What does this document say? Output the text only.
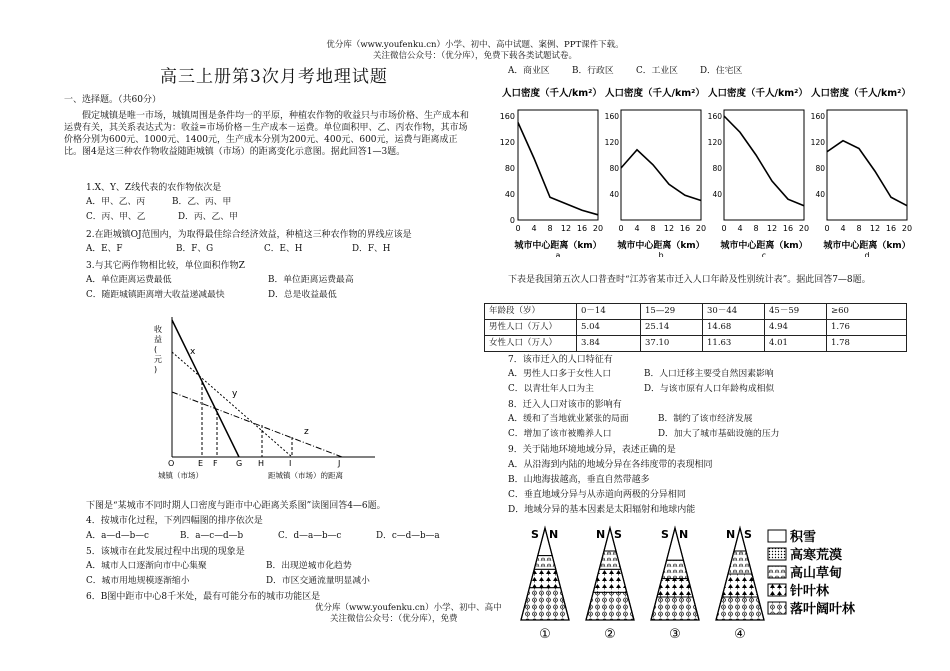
优分库（www.youfenku.cn）小学、初中、高中试题、案例、PPT课件下载。
关注微信公众号：（优分库），免费下载各类试题试卷。
高三上册第3次月考地理试题
一、选择题。（共60分）
假定城镇是唯一市场，城镇周围是条件均一的平原，种植农作物的收益只与市场价格、生产成本和运费有关，其关系表达式为：收益=市场价格－生产成本－运费。单位面积甲、乙、丙农作物，其市场价格分别为600元、1000元、1400元，生产成本分别为200元、400元、600元，运费与距离成正比。图4是这三种农作物收益随距城镇（市场）的距离变化示意图。据此回答1—3题。
1.X、Y、Z线代表的农作物依次是
A．甲、乙、丙	B．乙、丙、甲
C．丙、甲、乙	D．丙、乙、甲
2.在距城镇OJ范围内，为取得最佳综合经济效益，种植这三种农作物的界线应该是
A．E、F	B．F、G	C．E、H	D．F、H
3.与其它两作物相比较，单位面积作物Z
A．单位距离运费最低	B．单位距离运费最高
C．随距城镇距离增大收益递减最快	D．总是收益最低
收益(元)
x
y
z
O	E F G H	I	J
城镇（市场）	距城镇（市场）的距离
下图是“某城市不同时期人口密度与距市中心距离关系图”读图回答4—6题。
4．按城市化过程，下列四幅图的排序依次是
A．a—d—b—c	B．a—c—d—b	C．d—a—b—c	D．c—d—b—a
5．该城市在此发展过程中出现的现象是
A．城市人口逐渐向市中心集聚	B．出现逆城市化趋势
C．城市用地规模逐渐缩小	D．市区交通流量明显减小
6．B图中距市中心8千米处，最有可能分布的城市功能区是
优分库（www.youfenku.cn）小学、初中、高中
关注微信公众号：（优分库），免费
A．商业区	B．行政区	C．工业区	D．住宅区
人口密度（千人/km²）
0
40
80
120
160
0 4 8 12 16 20
城市中心距离（km）
a
人口密度（千人/km²）
40
80
120
160
0 4 8 12 16 20
城市中心距离（km）
b
人口密度（千人/km²）
40
80
120
160
0 4 8 12 16 20
城市中心距离（km）
c
人口密度（千人/km²）
40
80
120
160
0 4 8 12 16 20
城市中心距离（km）
d
下表是我国第五次人口普查时“江苏省某市迁入人口年龄及性别统计表”。据此回答7—8题。
年龄段（岁）	0－14	15—29	30－44	45－59	≥60
男性人口（万人）	5.04	25.14	14.68	4.94	1.76
女性人口（万人）	3.84	37.10	11.63	4.01	1.78
7．该市迁入的人口特征有
A．男性人口多于女性人口	B．人口迁移主要受自然因素影响
C．以青壮年人口为主	D．与该市原有人口年龄构成相似
8．迁入人口对该市的影响有
A．缓和了当地就业紧张的局面	B．制约了该市经济发展
C．增加了该市被赡养人口	D．加大了城市基础设施的压力
9．关于陆地环境地域分异，表述正确的是
A．从沿海到内陆的地域分异在各纬度带的表现相同
B．山地海拔越高，垂直自然带越多
C．垂直地域分异与从赤道向两极的分异相同
D．地域分异的基本因素是太阳辐射和地球内能
S N
①
N S
②
S N
③
N S
④
积雪
高寒荒漠
高山草甸
针叶林
落叶阔叶林
